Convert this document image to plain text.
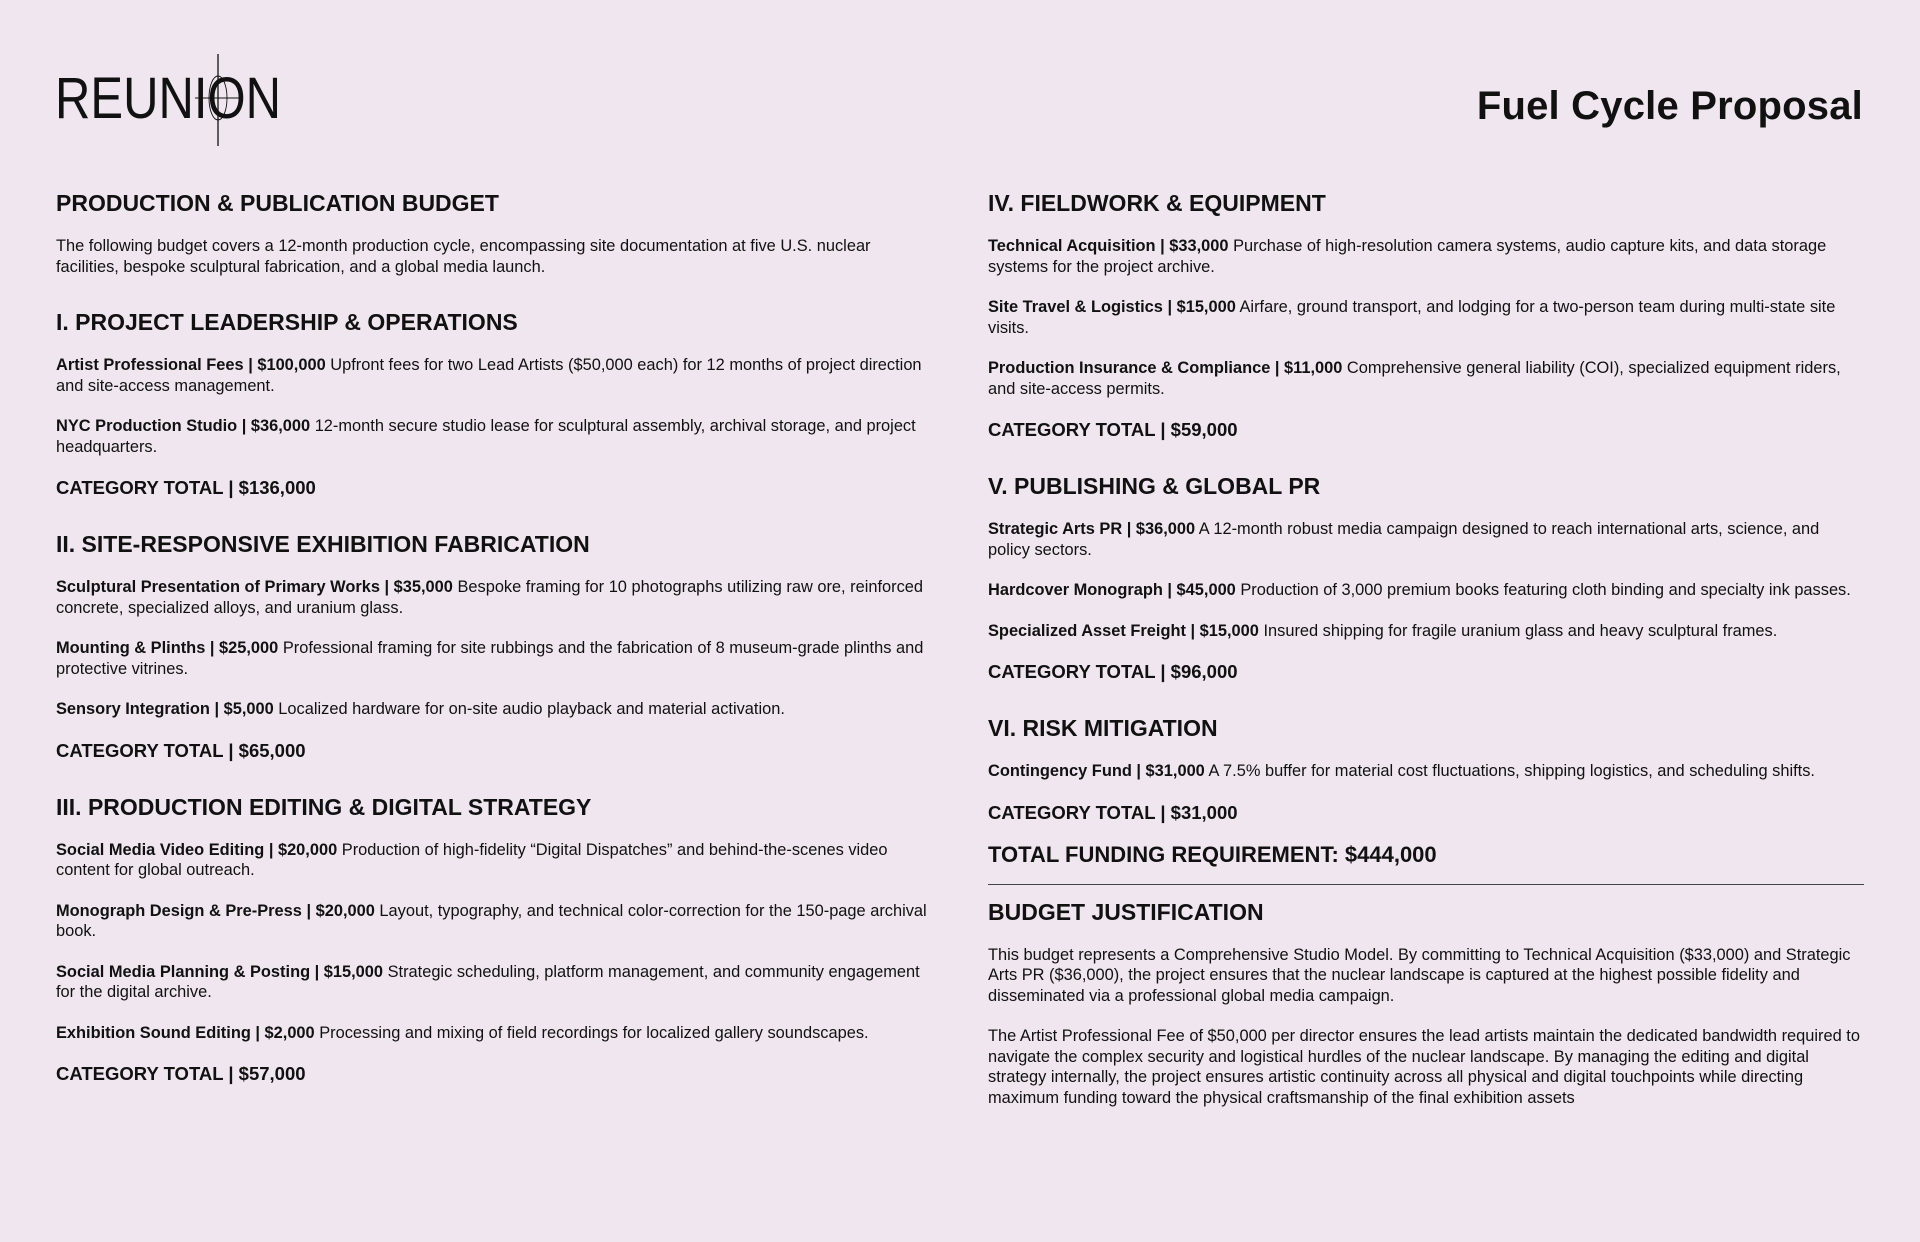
REUNION	Fuel Cycle Proposal
PRODUCTION & PUBLICATION BUDGET

The following budget covers a 12-month production cycle, encompassing site documentation at five U.S. nuclear facilities, bespoke sculptural fabrication, and a global media launch.

I. PROJECT LEADERSHIP & OPERATIONS

Artist Professional Fees | $100,000 Upfront fees for two Lead Artists ($50,000 each) for 12 months of project direction and site-access management.

NYC Production Studio | $36,000 12-month secure studio lease for sculptural assembly, archival storage, and project headquarters.

CATEGORY TOTAL | $136,000

II. SITE-RESPONSIVE EXHIBITION FABRICATION

Sculptural Presentation of Primary Works | $35,000 Bespoke framing for 10 photographs utilizing raw ore, reinforced concrete, specialized alloys, and uranium glass.

Mounting & Plinths | $25,000 Professional framing for site rubbings and the fabrication of 8 museum-grade plinths and protective vitrines.

Sensory Integration | $5,000 Localized hardware for on-site audio playback and material activation.

CATEGORY TOTAL | $65,000

III. PRODUCTION EDITING & DIGITAL STRATEGY

Social Media Video Editing | $20,000 Production of high-fidelity “Digital Dispatches” and behind-the-scenes video content for global outreach.

Monograph Design & Pre-Press | $20,000 Layout, typography, and technical color-correction for the 150-page archival book.

Social Media Planning & Posting | $15,000 Strategic scheduling, platform management, and community engagement for the digital archive.

Exhibition Sound Editing | $2,000 Processing and mixing of field recordings for localized gallery soundscapes.

CATEGORY TOTAL | $57,000

IV. FIELDWORK & EQUIPMENT

Technical Acquisition | $33,000 Purchase of high-resolution camera systems, audio capture kits, and data storage systems for the project archive.

Site Travel & Logistics | $15,000 Airfare, ground transport, and lodging for a two-person team during multi-state site visits.

Production Insurance & Compliance | $11,000 Comprehensive general liability (COI), specialized equipment riders, and site-access permits.

CATEGORY TOTAL | $59,000

V. PUBLISHING & GLOBAL PR

Strategic Arts PR | $36,000 A 12-month robust media campaign designed to reach international arts, science, and policy sectors.

Hardcover Monograph | $45,000 Production of 3,000 premium books featuring cloth binding and specialty ink passes.

Specialized Asset Freight | $15,000 Insured shipping for fragile uranium glass and heavy sculptural frames.

CATEGORY TOTAL | $96,000

VI. RISK MITIGATION

Contingency Fund | $31,000 A 7.5% buffer for material cost fluctuations, shipping logistics, and scheduling shifts.

CATEGORY TOTAL | $31,000

TOTAL FUNDING REQUIREMENT: $444,000

BUDGET JUSTIFICATION

This budget represents a Comprehensive Studio Model. By committing to Technical Acquisition ($33,000) and Strategic Arts PR ($36,000), the project ensures that the nuclear landscape is captured at the highest possible fidelity and disseminated via a professional global media campaign.

The Artist Professional Fee of $50,000 per director ensures the lead artists maintain the dedicated bandwidth required to navigate the complex security and logistical hurdles of the nuclear landscape. By managing the editing and digital strategy internally, the project ensures artistic continuity across all physical and digital touchpoints while directing maximum funding toward the physical craftsmanship of the final exhibition assets
